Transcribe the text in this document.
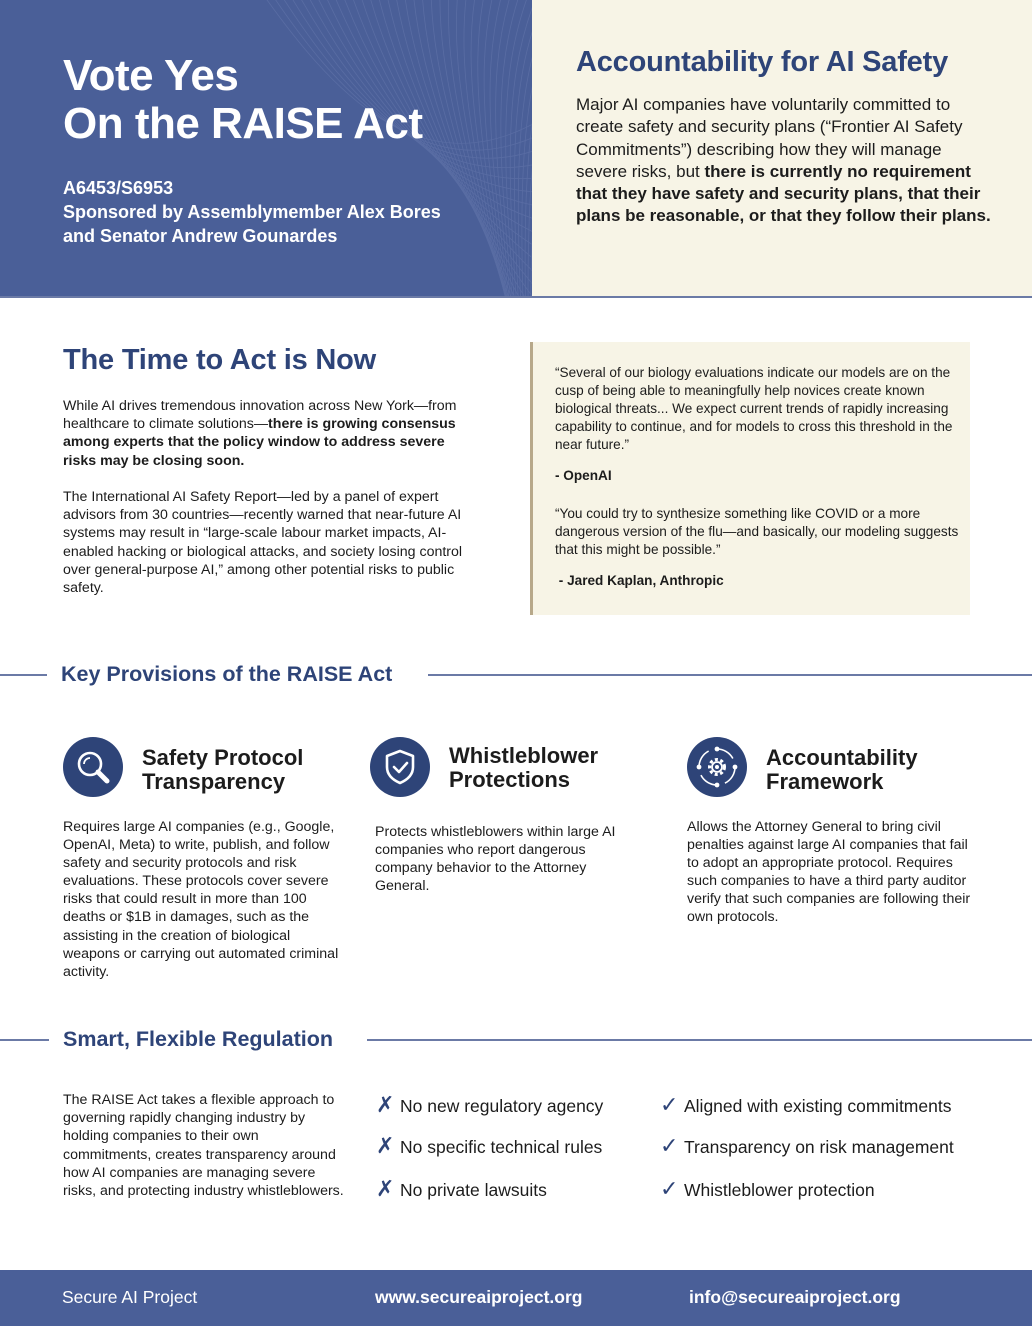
Vote Yes
On the RAISE Act
A6453/S6953
Sponsored by Assemblymember Alex Bores
and Senator Andrew Gounardes
Accountability for AI Safety
Major AI companies have voluntarily committed to create safety and security plans (“Frontier AI Safety Commitments”) describing how they will manage severe risks, but there is currently no requirement that they have safety and security plans, that their plans be reasonable, or that they follow their plans.
The Time to Act is Now
While AI drives tremendous innovation across New York—from healthcare to climate solutions—there is growing consensus among experts that the policy window to address severe risks may be closing soon.
The International AI Safety Report—led by a panel of expert advisors from 30 countries—recently warned that near-future AI systems may result in “large-scale labour market impacts, AI-enabled hacking or biological attacks, and society losing control over general-purpose AI,” among other potential risks to public safety.
“Several of our biology evaluations indicate our models are on the cusp of being able to meaningfully help novices create known biological threats... We expect current trends of rapidly increasing capability to continue, and for models to cross this threshold in the near future.”
- OpenAI
“You could try to synthesize something like COVID or a more dangerous version of the flu—and basically, our modeling suggests that this might be possible.”
- Jared Kaplan, Anthropic
Key Provisions of the RAISE Act
Safety Protocol
Transparency
Requires large AI companies (e.g., Google, OpenAI, Meta) to write, publish, and follow safety and security protocols and risk evaluations. These protocols cover severe risks that could result in more than 100 deaths or $1B in damages, such as the assisting in the creation of biological weapons or carrying out automated criminal activity.
Whistleblower
Protections
Protects whistleblowers within large AI companies who report dangerous company behavior to the Attorney General.
Accountability
Framework
Allows the Attorney General to bring civil penalties against large AI companies that fail to adopt an appropriate protocol. Requires such companies to have a third party auditor verify that such companies are following their own protocols.
Smart, Flexible Regulation
The RAISE Act takes a flexible approach to governing rapidly changing industry by holding companies to their own commitments, creates transparency around how AI companies are managing severe risks, and protecting industry whistleblowers.
✗ No new regulatory agency
✗ No specific technical rules
✗ No private lawsuits
✓ Aligned with existing commitments
✓ Transparency on risk management
✓ Whistleblower protection
Secure AI Project	www.secureaiproject.org	info@secureaiproject.org
